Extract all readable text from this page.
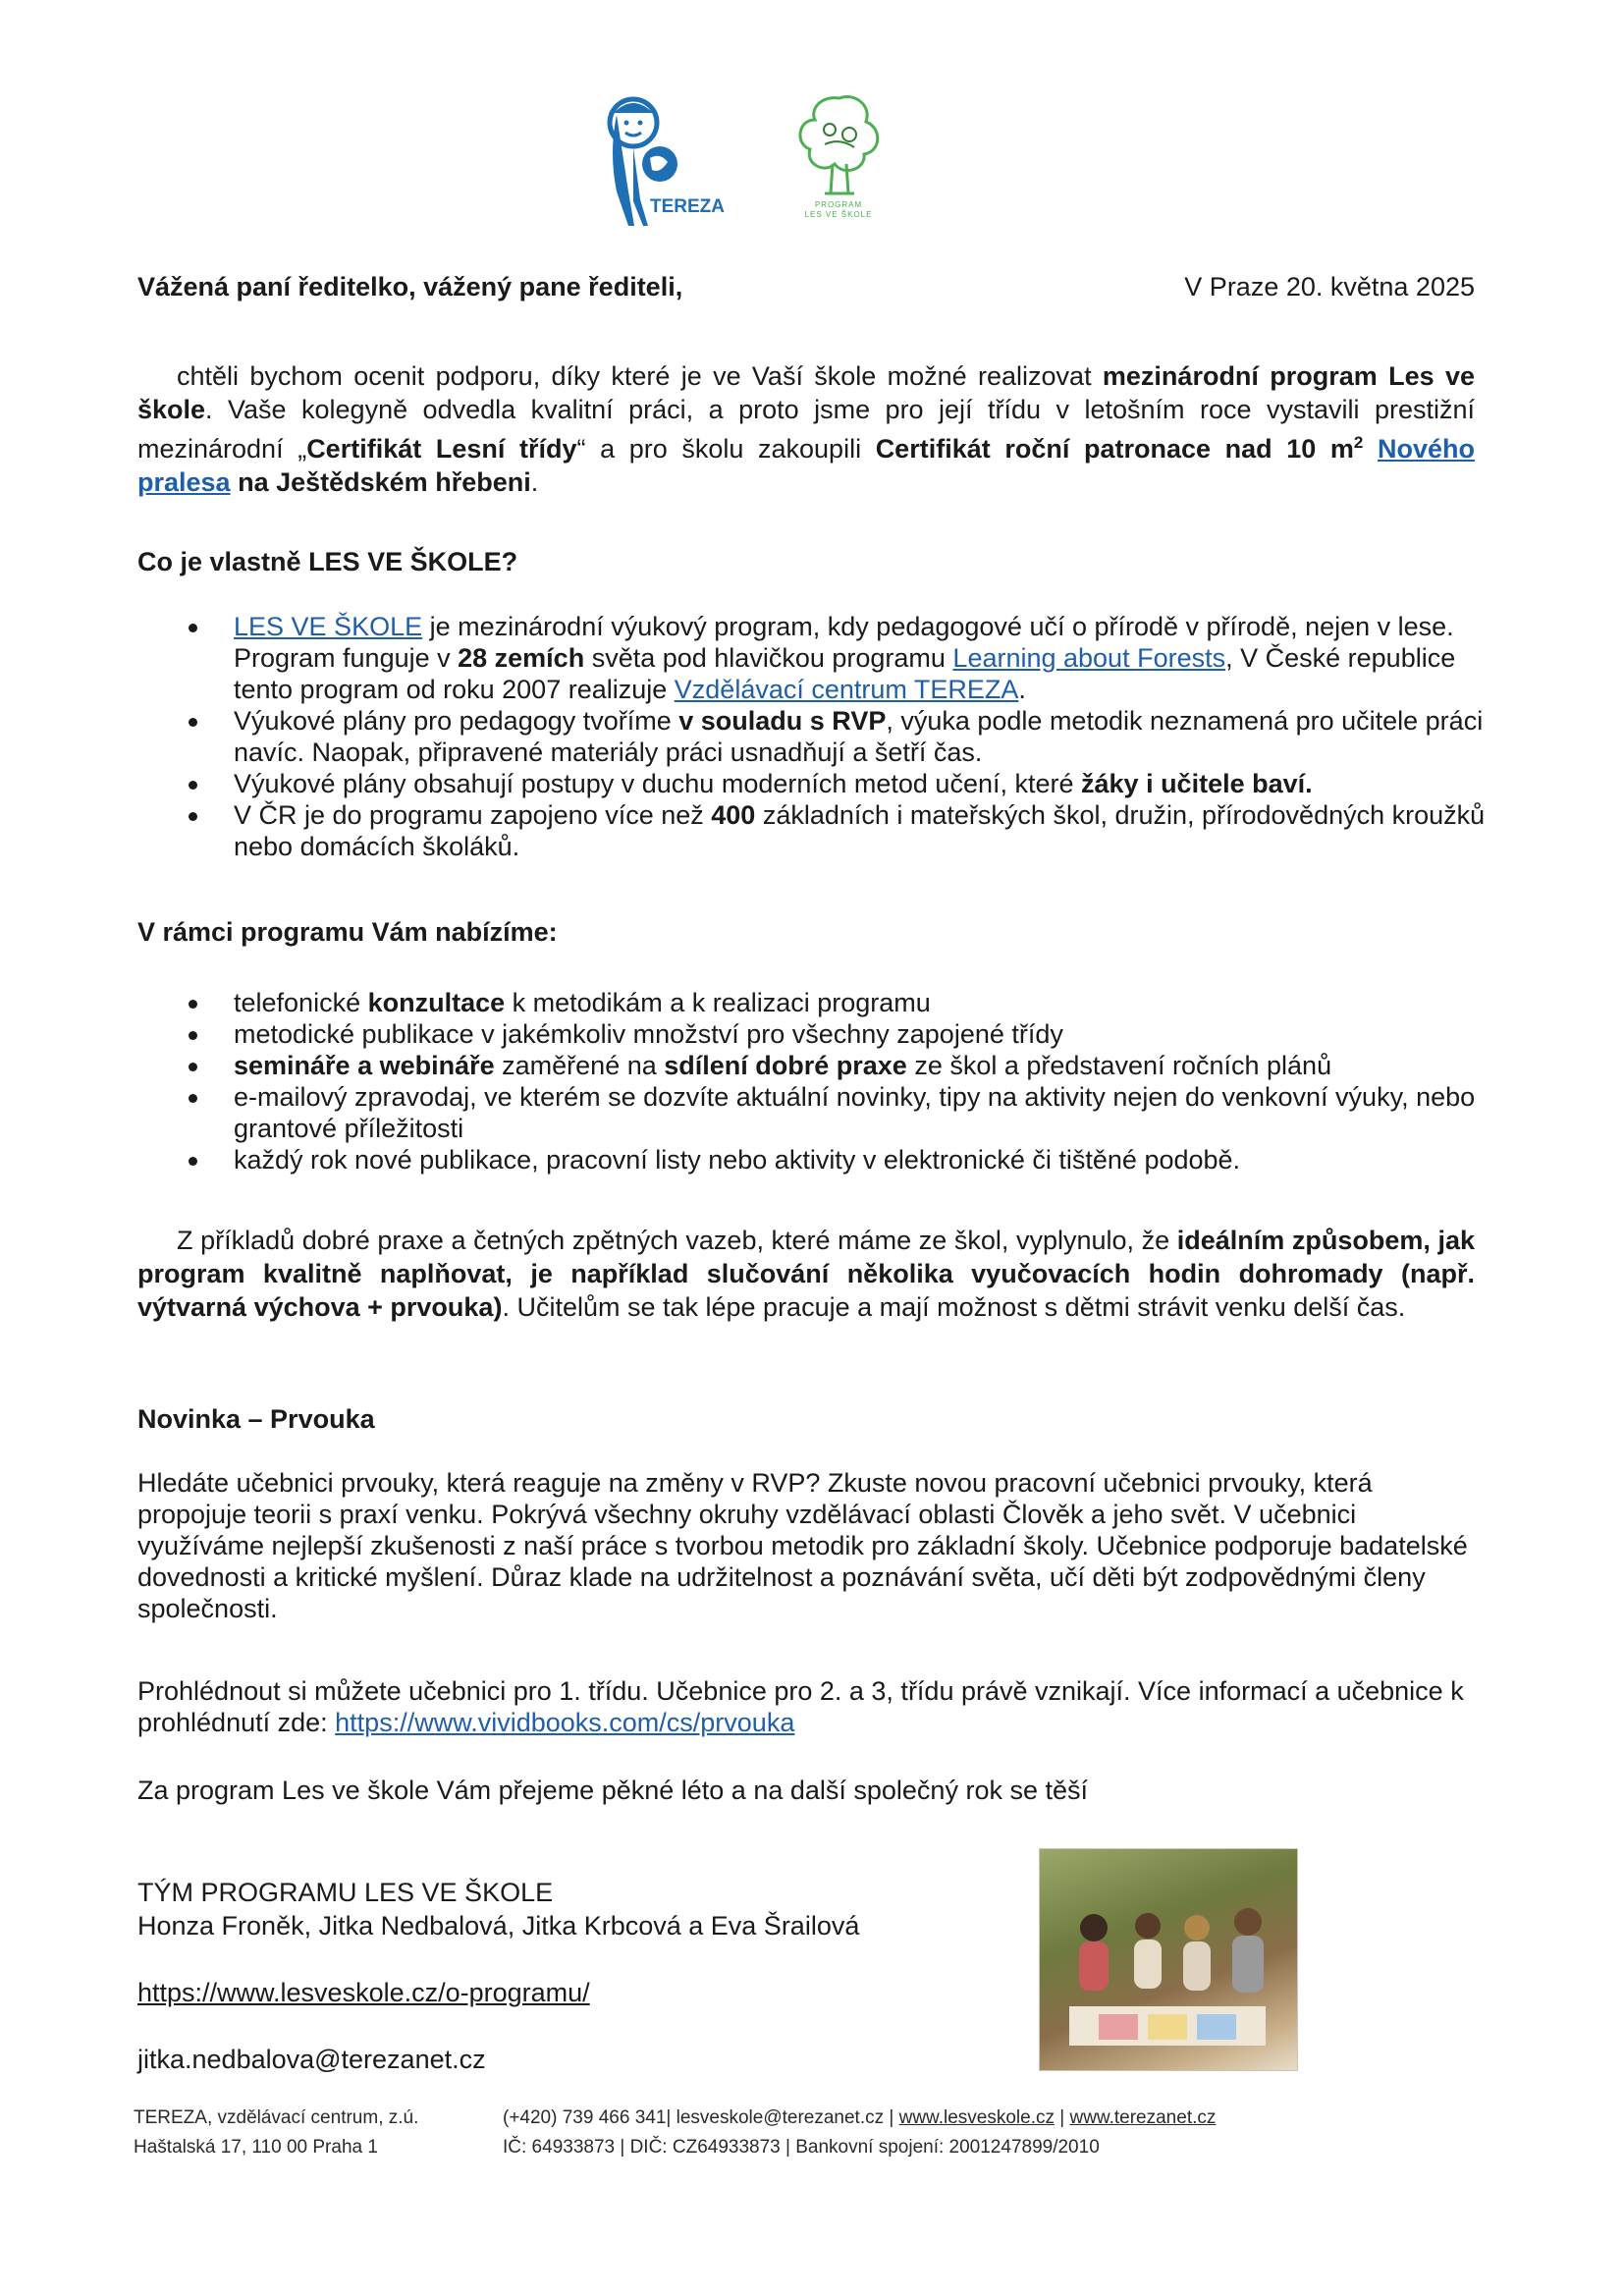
TEREZA	PROGRAM
LES VE ŠKOLE
Vážená paní ředitelko, vážený pane řediteli,	V Praze 20. května 2025
chtěli bychom ocenit podporu, díky které je ve Vaší škole možné realizovat mezinárodní program Les ve škole. Vaše kolegyně odvedla kvalitní práci, a proto jsme pro její třídu v letošním roce vystavili prestižní mezinárodní „Certifikát Lesní třídy“ a pro školu zakoupili Certifikát roční patronace nad 10 $m^2$ Nového pralesa na Ještědském hřebeni.
Co je vlastně LES VE ŠKOLE?
LES VE ŠKOLE je mezinárodní výukový program, kdy pedagogové učí o přírodě v přírodě, nejen v lese. Program funguje v 28 zemích světa pod hlavičkou programu Learning about Forests, V České republice tento program od roku 2007 realizuje Vzdělávací centrum TEREZA.
Výukové plány pro pedagogy tvoříme v souladu s RVP, výuka podle metodik neznamená pro učitele práci navíc. Naopak, připravené materiály práci usnadňují a šetří čas.
Výukové plány obsahují postupy v duchu moderních metod učení, které žáky i učitele baví.
V ČR je do programu zapojeno více než 400 základních i mateřských škol, družin, přírodovědných kroužků nebo domácích školáků.
V rámci programu Vám nabízíme:
telefonické konzultace k metodikám a k realizaci programu
metodické publikace v jakémkoliv množství pro všechny zapojené třídy
semináře a webináře zaměřené na sdílení dobré praxe ze škol a představení ročních plánů
e-mailový zpravodaj, ve kterém se dozvíte aktuální novinky, tipy na aktivity nejen do venkovní výuky, nebo grantové příležitosti
každý rok nové publikace, pracovní listy nebo aktivity v elektronické či tištěné podobě.
Z příkladů dobré praxe a četných zpětných vazeb, které máme ze škol, vyplynulo, že ideálním způsobem, jak program kvalitně naplňovat, je například slučování několika vyučovacích hodin dohromady (např. výtvarná výchova + prvouka). Učitelům se tak lépe pracuje a mají možnost s dětmi strávit venku delší čas.
Novinka – Prvouka
Hledáte učebnici prvouky, která reaguje na změny v RVP? Zkuste novou pracovní učebnici prvouky, která propojuje teorii s praxí venku. Pokrývá všechny okruhy vzdělávací oblasti Člověk a jeho svět. V učebnici využíváme nejlepší zkušenosti z naší práce s tvorbou metodik pro základní školy. Učebnice podporuje badatelské dovednosti a kritické myšlení. Důraz klade na udržitelnost a poznávání světa, učí děti být zodpovědnými členy společnosti.
Prohlédnout si můžete učebnici pro 1. třídu. Učebnice pro 2. a 3, třídu právě vznikají. Více informací a učebnice k prohlédnutí zde: https://www.vividbooks.com/cs/prvouka
Za program Les ve škole Vám přejeme pěkné léto a na další společný rok se těší
TÝM PROGRAMU LES VE ŠKOLE
Honza Froněk, Jitka Nedbalová, Jitka Krbcová a Eva Šrailová
https://www.lesveskole.cz/o-programu/
jitka.nedbalova@terezanet.cz
TEREZA, vzdělávací centrum, z.ú.
Haštalská 17, 110 00 Praha 1
(+420) 739 466 341| lesveskole@terezanet.cz | www.lesveskole.cz | www.terezanet.cz
IČ: 64933873 | DIČ: CZ64933873 | Bankovní spojení: 2001247899/2010
